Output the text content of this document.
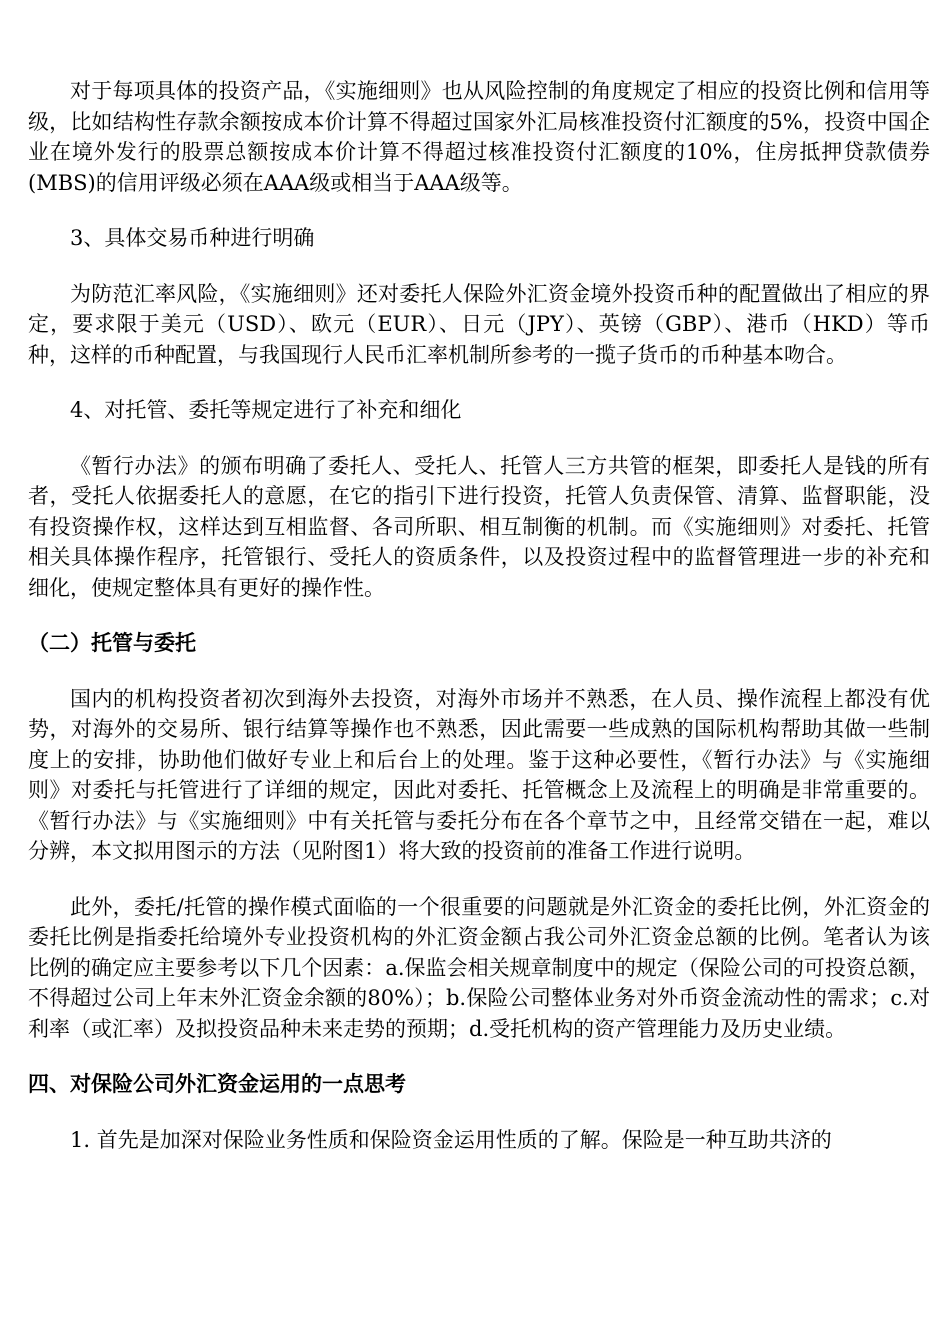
对于每项具体的投资产品，《实施细则》也从风险控制的角度规定了相应的投资比例和信用等级，比如结构性存款余额按成本价计算不得超过国家外汇局核准投资付汇额度的5%，投资中国企业在境外发行的股票总额按成本价计算不得超过核准投资付汇额度的10%，住房抵押贷款债券(MBS)的信用评级必须在AAA级或相当于AAA级等。

3、具体交易币种进行明确

为防范汇率风险，《实施细则》还对委托人保险外汇资金境外投资币种的配置做出了相应的界定，要求限于美元（USD）、欧元（EUR）、日元（JPY）、英镑（GBP）、港币（HKD）等币种，这样的币种配置，与我国现行人民币汇率机制所参考的一揽子货币的币种基本吻合。

4、对托管、委托等规定进行了补充和细化

《暂行办法》的颁布明确了委托人、受托人、托管人三方共管的框架，即委托人是钱的所有者，受托人依据委托人的意愿，在它的指引下进行投资，托管人负责保管、清算、监督职能，没有投资操作权，这样达到互相监督、各司所职、相互制衡的机制。而《实施细则》对委托、托管相关具体操作程序，托管银行、受托人的资质条件，以及投资过程中的监督管理进一步的补充和细化，使规定整体具有更好的操作性。

（二）托管与委托

国内的机构投资者初次到海外去投资，对海外市场并不熟悉，在人员、操作流程上都没有优势，对海外的交易所、银行结算等操作也不熟悉，因此需要一些成熟的国际机构帮助其做一些制度上的安排，协助他们做好专业上和后台上的处理。鉴于这种必要性，《暂行办法》与《实施细则》对委托与托管进行了详细的规定，因此对委托、托管概念上及流程上的明确是非常重要的。《暂行办法》与《实施细则》中有关托管与委托分布在各个章节之中，且经常交错在一起，难以分辨，本文拟用图示的方法（见附图1）将大致的投资前的准备工作进行说明。

此外，委托/托管的操作模式面临的一个很重要的问题就是外汇资金的委托比例，外汇资金的委托比例是指委托给境外专业投资机构的外汇资金额占我公司外汇资金总额的比例。笔者认为该比例的确定应主要参考以下几个因素：a.保监会相关规章制度中的规定（保险公司的可投资总额，不得超过公司上年末外汇资金余额的80%）；b.保险公司整体业务对外币资金流动性的需求；c.对利率（或汇率）及拟投资品种未来走势的预期；d.受托机构的资产管理能力及历史业绩。

四、对保险公司外汇资金运用的一点思考

1. 首先是加深对保险业务性质和保险资金运用性质的了解。保险是一种互助共济的
